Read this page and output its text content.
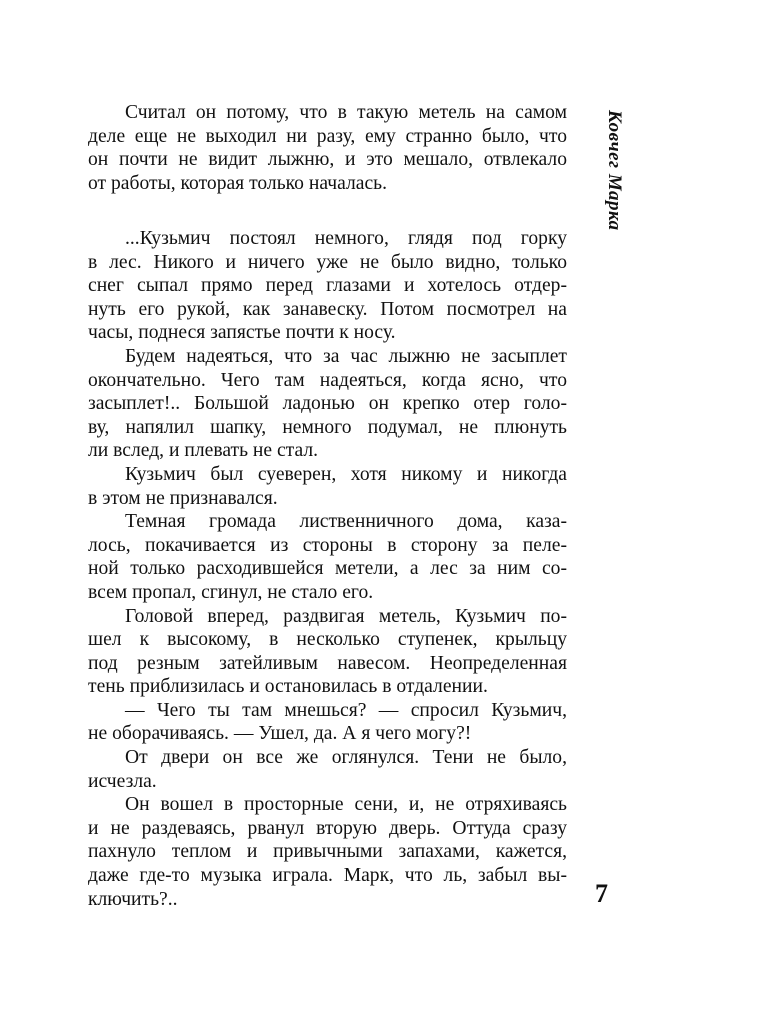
Считал он потому, что в такую метель на самом
деле еще не выходил ни разу, ему странно было, что
он почти не видит лыжню, и это мешало, отвлекало
от работы, которая только началась.

...Кузьмич постоял немного, глядя под горку
в лес. Никого и ничего уже не было видно, только
снег сыпал прямо перед глазами и хотелось отдер-
нуть его рукой, как занавеску. Потом посмотрел на
часы, поднеся запястье почти к носу.

Будем надеяться, что за час лыжню не засыплет
окончательно. Чего там надеяться, когда ясно, что
засыплет!.. Большой ладонью он крепко отер голо-
ву, напялил шапку, немного подумал, не плюнуть
ли вслед, и плевать не стал.

Кузьмич был суеверен, хотя никому и никогда
в этом не признавался.

Темная громада лиственничного дома, каза-
лось, покачивается из стороны в сторону за пеле-
ной только расходившейся метели, а лес за ним со-
всем пропал, сгинул, не стало его.

Головой вперед, раздвигая метель, Кузьмич по-
шел к высокому, в несколько ступенек, крыльцу
под резным затейливым навесом. Неопределенная
тень приблизилась и остановилась в отдалении.

— Чего ты там мнешься? — спросил Кузьмич,
не оборачиваясь. — Ушел, да. А я чего могу?!

От двери он все же оглянулся. Тени не было,
исчезла.

Он вошел в просторные сени, и, не отряхиваясь
и не раздеваясь, рванул вторую дверь. Оттуда сразу
пахнуло теплом и привычными запахами, кажется,
даже где-то музыка играла. Марк, что ль, забыл вы-
ключить?..

Ковчег Марка
7
